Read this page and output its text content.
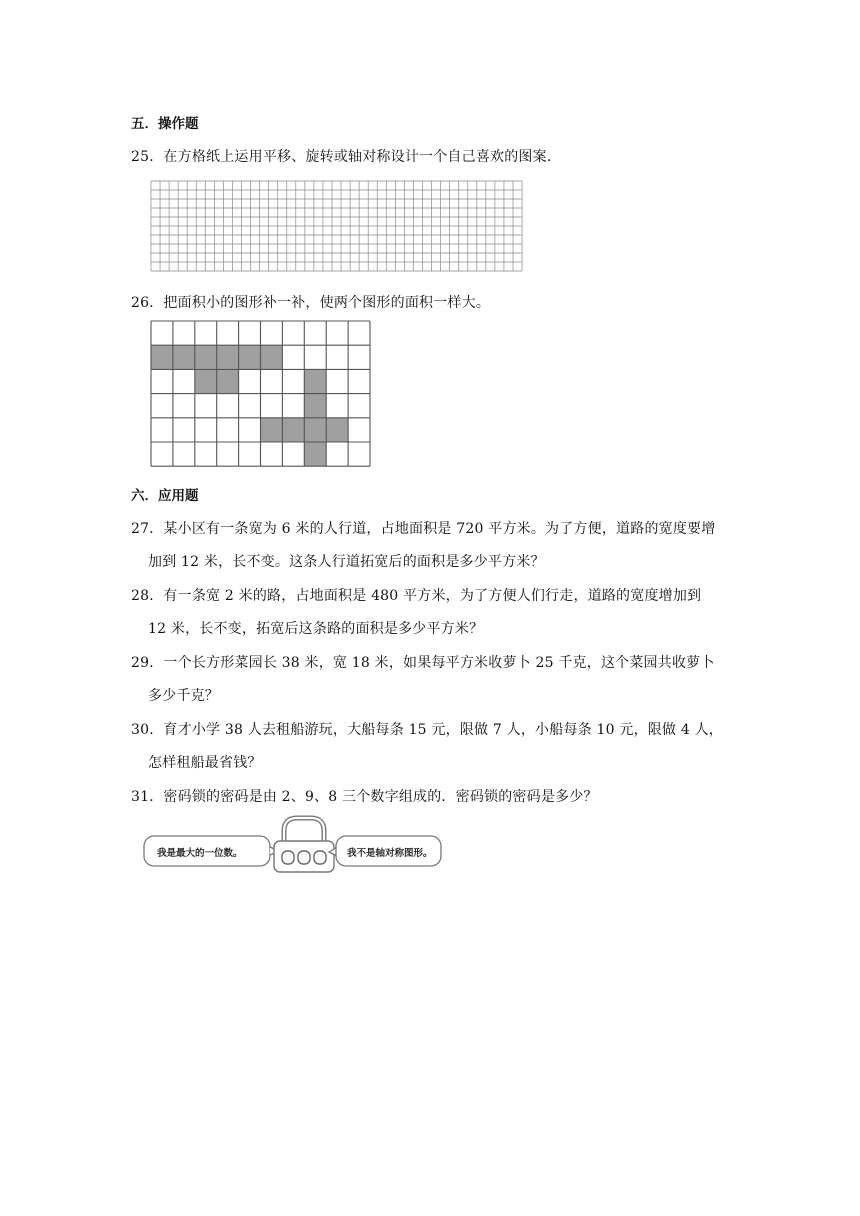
五．操作题
25．在方格纸上运用平移、旋转或轴对称设计一个自己喜欢的图案.
26．把面积小的图形补一补，使两个图形的面积一样大。
六．应用题
27．某小区有一条宽为 6 米的人行道，占地面积是 720 平方米。为了方便，道路的宽度要增
加到 12 米，长不变。这条人行道拓宽后的面积是多少平方米？
28．有一条宽 2 米的路，占地面积是 480 平方米，为了方便人们行走，道路的宽度增加到
12 米，长不变，拓宽后这条路的面积是多少平方米？
29．一个长方形菜园长 38 米，宽 18 米，如果每平方米收萝卜 25 千克，这个菜园共收萝卜
多少千克？
30．育才小学 38 人去租船游玩，大船每条 15 元，限做 7 人，小船每条 10 元，限做 4 人，
怎样租船最省钱？
31．密码锁的密码是由 2、9、8 三个数字组成的．密码锁的密码是多少？
我是最大的一位数。	我不是轴对称图形。
